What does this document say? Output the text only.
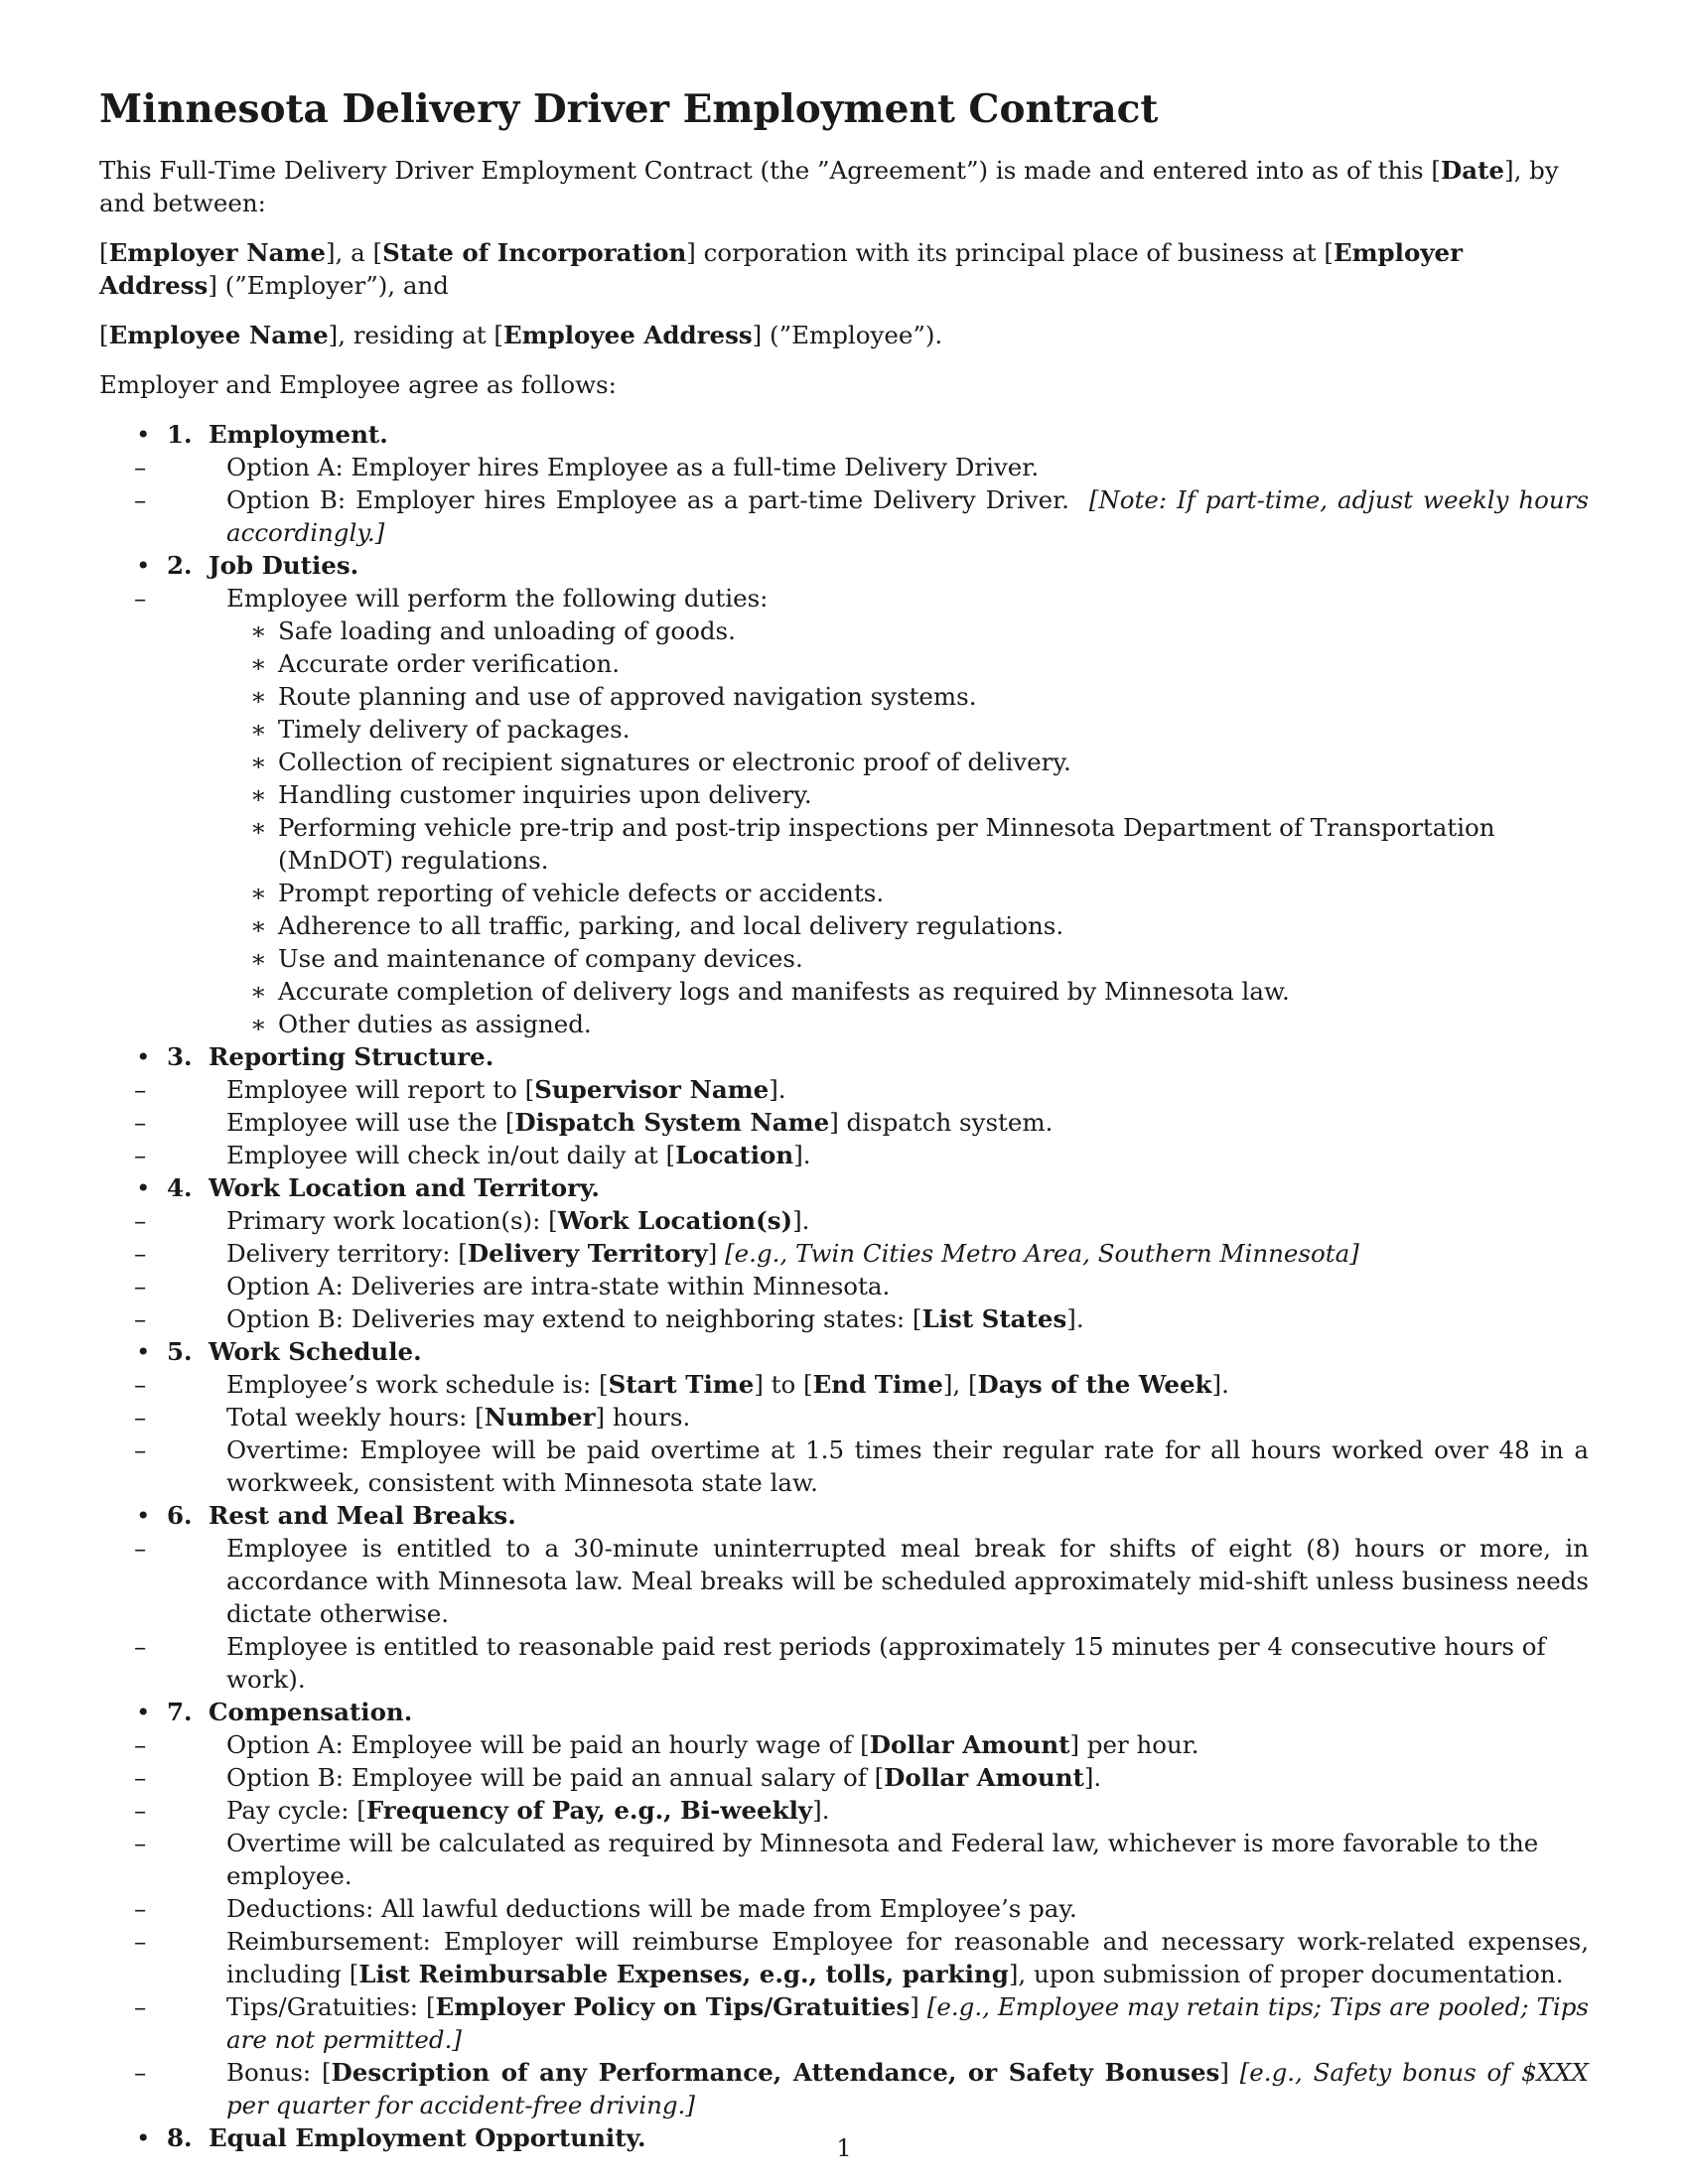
Minnesota Delivery Driver Employment Contract

This Full-Time Delivery Driver Employment Contract (the ”Agreement”) is made and entered into as of this [Date], by and between:

[Employer Name], a [State of Incorporation] corporation with its principal place of business at [Employer Address] (”Employer”), and

[Employee Name], residing at [Employee Address] (”Employee”).

Employer and Employee agree as follows:

• 1. Employment.
– Option A: Employer hires Employee as a full-time Delivery Driver.
– Option B: Employer hires Employee as a part-time Delivery Driver. [Note: If part-time, adjust weekly hours accordingly.]
• 2. Job Duties.
– Employee will perform the following duties:
∗ Safe loading and unloading of goods.
∗ Accurate order verification.
∗ Route planning and use of approved navigation systems.
∗ Timely delivery of packages.
∗ Collection of recipient signatures or electronic proof of delivery.
∗ Handling customer inquiries upon delivery.
∗ Performing vehicle pre-trip and post-trip inspections per Minnesota Department of Transportation (MnDOT) regulations.
∗ Prompt reporting of vehicle defects or accidents.
∗ Adherence to all traffic, parking, and local delivery regulations.
∗ Use and maintenance of company devices.
∗ Accurate completion of delivery logs and manifests as required by Minnesota law.
∗ Other duties as assigned.
• 3. Reporting Structure.
– Employee will report to [Supervisor Name].
– Employee will use the [Dispatch System Name] dispatch system.
– Employee will check in/out daily at [Location].
• 4. Work Location and Territory.
– Primary work location(s): [Work Location(s)].
– Delivery territory: [Delivery Territory] [e.g., Twin Cities Metro Area, Southern Minnesota]
– Option A: Deliveries are intra-state within Minnesota.
– Option B: Deliveries may extend to neighboring states: [List States].
• 5. Work Schedule.
– Employee’s work schedule is: [Start Time] to [End Time], [Days of the Week].
– Total weekly hours: [Number] hours.
– Overtime: Employee will be paid overtime at 1.5 times their regular rate for all hours worked over 48 in a workweek, consistent with Minnesota state law.
• 6. Rest and Meal Breaks.
– Employee is entitled to a 30-minute uninterrupted meal break for shifts of eight (8) hours or more, in accordance with Minnesota law. Meal breaks will be scheduled approximately mid-shift unless business needs dictate otherwise.
– Employee is entitled to reasonable paid rest periods (approximately 15 minutes per 4 consecutive hours of work).
• 7. Compensation.
– Option A: Employee will be paid an hourly wage of [Dollar Amount] per hour.
– Option B: Employee will be paid an annual salary of [Dollar Amount].
– Pay cycle: [Frequency of Pay, e.g., Bi-weekly].
– Overtime will be calculated as required by Minnesota and Federal law, whichever is more favorable to the employee.
– Deductions: All lawful deductions will be made from Employee’s pay.
– Reimbursement: Employer will reimburse Employee for reasonable and necessary work-related expenses, including [List Reimbursable Expenses, e.g., tolls, parking], upon submission of proper documentation.
– Tips/Gratuities: [Employer Policy on Tips/Gratuities] [e.g., Employee may retain tips; Tips are pooled; Tips are not permitted.]
– Bonus: [Description of any Performance, Attendance, or Safety Bonuses] [e.g., Safety bonus of $XXX per quarter for accident-free driving.]
• 8. Equal Employment Opportunity.	1
